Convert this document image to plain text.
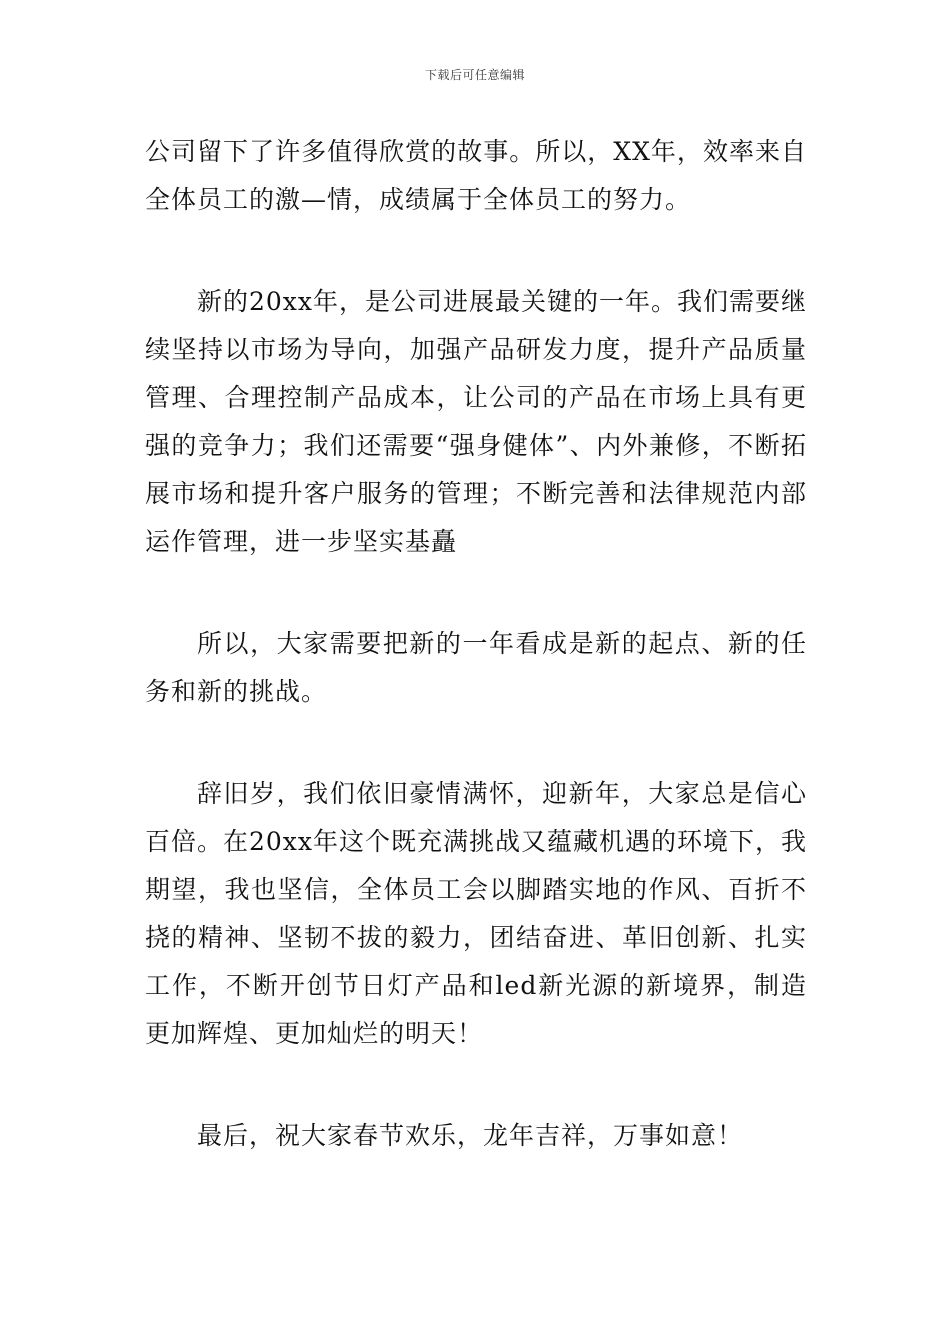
下载后可任意编辑

公司留下了许多值得欣赏的故事。所以，XX年，效率来自全体员工的激—情，成绩属于全体员工的努力。

新的20xx年，是公司进展最关键的一年。我们需要继续坚持以市场为导向，加强产品研发力度，提升产品质量管理、合理控制产品成本，让公司的产品在市场上具有更强的竞争力；我们还需要“强身健体”、内外兼修，不断拓展市场和提升客户服务的管理；不断完善和法律规范内部运作管理，进一步坚实基矗

所以，大家需要把新的一年看成是新的起点、新的任务和新的挑战。

辞旧岁，我们依旧豪情满怀，迎新年，大家总是信心百倍。在20xx年这个既充满挑战又蕴藏机遇的环境下，我期望，我也坚信，全体员工会以脚踏实地的作风、百折不挠的精神、坚韧不拔的毅力，团结奋进、革旧创新、扎实工作，不断开创节日灯产品和led新光源的新境界，制造更加辉煌、更加灿烂的明天！

最后，祝大家春节欢乐，龙年吉祥，万事如意！
